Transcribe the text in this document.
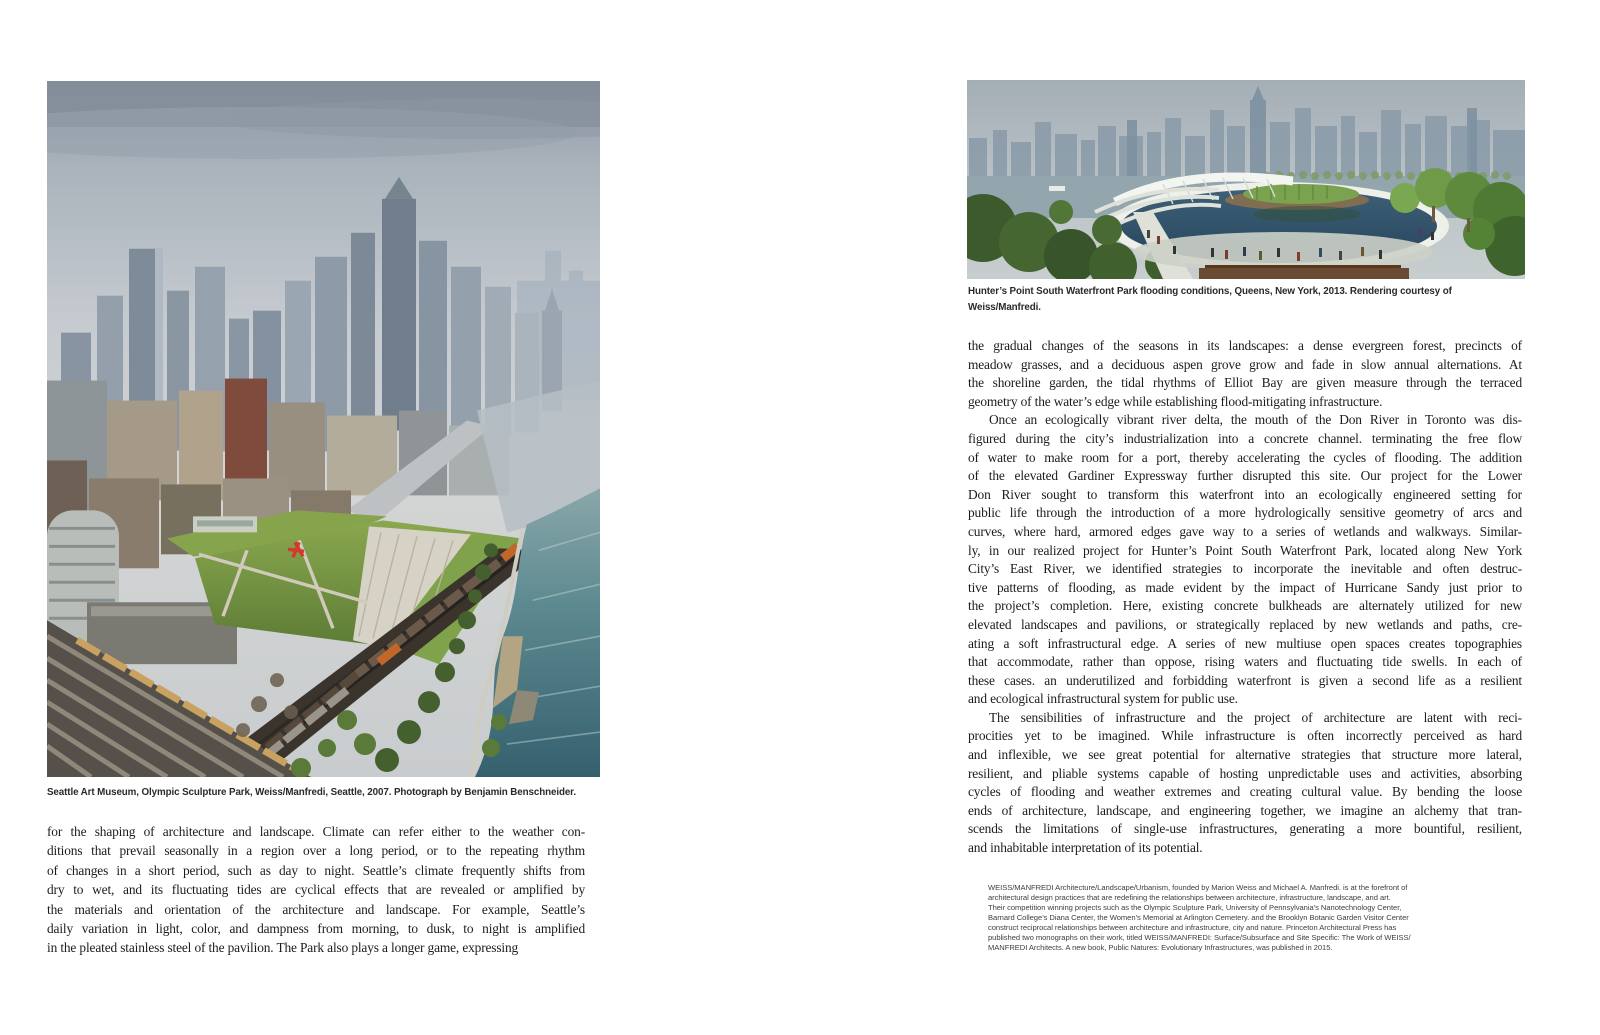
Seattle Art Museum, Olympic Sculpture Park, Weiss/Manfredi, Seattle, 2007. Photograph by Benjamin Benschneider.
for the shaping of architecture and landscape. Climate can refer either to the weather con-
ditions that prevail seasonally in a region over a long period, or to the repeating rhythm
of changes in a short period, such as day to night. Seattle’s climate frequently shifts from
dry to wet, and its fluctuating tides are cyclical effects that are revealed or amplified by
the materials and orientation of the architecture and landscape. For example, Seattle’s
daily variation in light, color, and dampness from morning, to dusk, to night is amplified
in the pleated stainless steel of the pavilion. The Park also plays a longer game, expressing
Hunter’s Point South Waterfront Park flooding conditions, Queens, New York, 2013. Rendering courtesy of
Weiss/Manfredi.
the gradual changes of the seasons in its landscapes: a dense evergreen forest, precincts of
meadow grasses, and a deciduous aspen grove grow and fade in slow annual alternations. At
the shoreline garden, the tidal rhythms of Elliot Bay are given measure through the terraced
geometry of the water’s edge while establishing flood-mitigating infrastructure.
Once an ecologically vibrant river delta, the mouth of the Don River in Toronto was dis-
figured during the city’s industrialization into a concrete channel. terminating the free flow
of water to make room for a port, thereby accelerating the cycles of flooding. The addition
of the elevated Gardiner Expressway further disrupted this site. Our project for the Lower
Don River sought to transform this waterfront into an ecologically engineered setting for
public life through the introduction of a more hydrologically sensitive geometry of arcs and
curves, where hard, armored edges gave way to a series of wetlands and walkways. Similar-
ly, in our realized project for Hunter’s Point South Waterfront Park, located along New York
City’s East River, we identified strategies to incorporate the inevitable and often destruc-
tive patterns of flooding, as made evident by the impact of Hurricane Sandy just prior to
the project’s completion. Here, existing concrete bulkheads are alternately utilized for new
elevated landscapes and pavilions, or strategically replaced by new wetlands and paths, cre-
ating a soft infrastructural edge. A series of new multiuse open spaces creates topographies
that accommodate, rather than oppose, rising waters and fluctuating tide swells. In each of
these cases. an underutilized and forbidding waterfront is given a second life as a resilient
and ecological infrastructural system for public use.
The sensibilities of infrastructure and the project of architecture are latent with reci-
procities yet to be imagined. While infrastructure is often incorrectly perceived as hard
and inflexible, we see great potential for alternative strategies that structure more lateral,
resilient, and pliable systems capable of hosting unpredictable uses and activities, absorbing
cycles of flooding and weather extremes and creating cultural value. By bending the loose
ends of architecture, landscape, and engineering together, we imagine an alchemy that tran-
scends the limitations of single-use infrastructures, generating a more bountiful, resilient,
and inhabitable interpretation of its potential.
WEISS/MANFREDI Architecture/Landscape/Urbanism, founded by Marion Weiss and Michael A. Manfredi. is at the forefront of
architectural design practices that are redefining the relationships between architecture, infrastructure, landscape, and art.
Their competition winning projects such as the Olympic Sculpture Park, University of Pennsylvania’s Nanotechnology Center,
Barnard College’s Diana Center, the Women’s Memorial at Arlington Cemetery. and the Brooklyn Botanic Garden Visitor Center
construct reciprocal relationships between architecture and infrastructure, city and nature. Princeton Architectural Press has
published two monographs on their work, titled WEISS/MANFREDI: Surface/Subsurface and Site Specific: The Work of WEISS/
MANFREDI Architects. A new book, Public Natures: Evolutionary Infrastructures, was published in 2015.
